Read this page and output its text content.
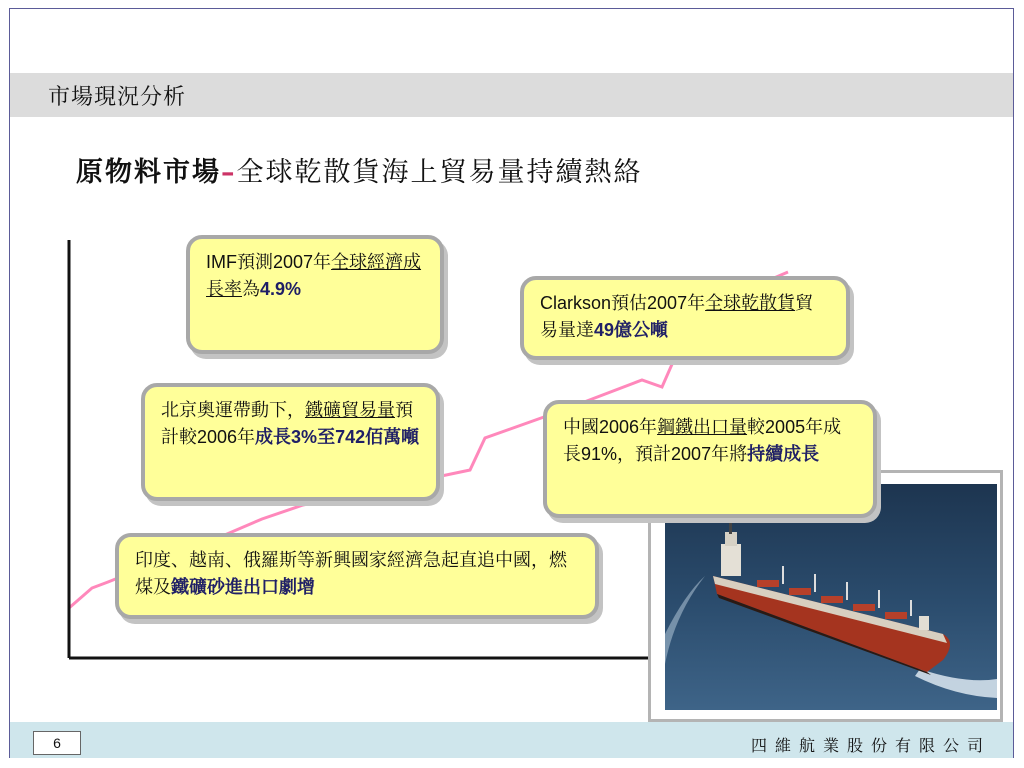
市場現況分析
原物料市場–全球乾散貨海上貿易量持續熱絡
IMF預測2007年全球經濟成長率為4.9%
Clarkson預估2007年全球乾散貨貿易量達49億公噸
北京奧運帶動下，鐵礦貿易量預計較2006年成長3%至742佰萬噸	中國2006年鋼鐵出口量較2005年成長91%，預計2007年將持續成長
印度、越南、俄羅斯等新興國家經濟急起直追中國，燃煤及鐵礦砂進出口劇增
6	四維航業股份有限公司
